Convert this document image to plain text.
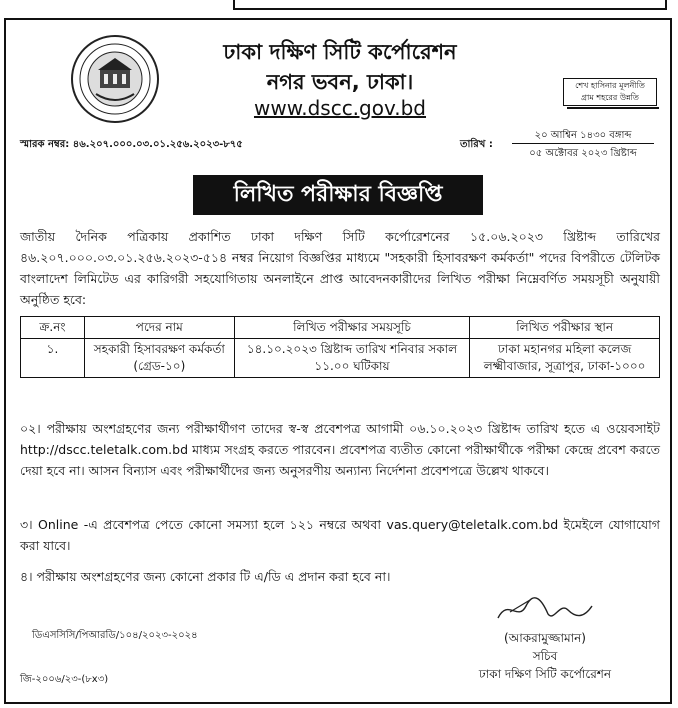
ঢাকা দক্ষিণ সিটি কর্পোরেশন
নগর ভবন, ঢাকা।
www.dscc.gov.bd
শেখ হাসিনার মূলনীতি
গ্রাম শহরের উন্নতি
স্মারক নম্বর: ৪৬.২০৭.০০০.০৩.০১.২৫৬.২০২৩-৮৭৫	তারিখ :
২০ আশ্বিন ১৪৩০ বঙ্গাব্দ
০৫ অক্টোবর ২০২৩ খ্রিষ্টাব্দ
লিখিত পরীক্ষার বিজ্ঞপ্তি
জাতীয় দৈনিক পত্রিকায় প্রকাশিত ঢাকা দক্ষিণ সিটি কর্পোরেশনের ১৫.০৬.২০২৩ খ্রিষ্টাব্দ তারিখের ৪৬.২০৭.০০০.০৩.০১.২৫৬.২০২৩-৫১৪ নম্বর নিয়োগ বিজ্ঞপ্তির মাধ্যমে "সহকারী হিসাবরক্ষণ কর্মকর্তা" পদের বিপরীতে টেলিটক বাংলাদেশ লিমিটেড এর কারিগরী সহযোগিতায় অনলাইনে প্রাপ্ত আবেদনকারীদের লিখিত পরীক্ষা নিম্নেবর্ণিত সময়সূচী অনুযায়ী অনুষ্ঠিত হবে:
ক্র.নং	পদের নাম	লিখিত পরীক্ষার সময়সূচি	লিখিত পরীক্ষার স্থান
১.	সহকারী হিসাবরক্ষণ কর্মকর্তা (গ্রেড-১০)	১৪.১০.২০২৩ খ্রিষ্টাব্দ তারিখ শনিবার সকাল ১১.০০ ঘটিকায়	ঢাকা মহানগর মহিলা কলেজ লক্ষ্মীবাজার, সূত্রাপুর, ঢাকা-১০০০
০২। পরীক্ষায় অংশগ্রহণের জন্য পরীক্ষার্থীগণ তাদের স্ব-স্ব প্রবেশপত্র আগামী ০৬.১০.২০২৩ খ্রিষ্টাব্দ তারিখ হতে এ ওয়েবসাইট http://dscc.teletalk.com.bd মাধ্যম সংগ্রহ করতে পারবেন। প্রবেশপত্র ব্যতীত কোনো পরীক্ষার্থীকে পরীক্ষা কেন্দ্রে প্রবেশ করতে দেয়া হবে না। আসন বিন্যাস এবং পরীক্ষার্থীদের জন্য অনুসরণীয় অন্যান্য নির্দেশনা প্রবেশপত্রে উল্লেখ থাকবে।
৩। Online -এ প্রবেশপত্র পেতে কোনো সমস্যা হলে ১২১ নম্বরে অথবা vas.query@teletalk.com.bd ইমেইলে যোগাযোগ করা যাবে।
৪। পরীক্ষায় অংশগ্রহণের জন্য কোনো প্রকার টি এ/ডি এ প্রদান করা হবে না।
ডিএসসিসি/পিআরডি/১০৪/২০২৩-২০২৪
জি-২০০৬/২৩-(৮x৩)
(আকরামুজ্জামান)
সচিব
ঢাকা দক্ষিণ সিটি কর্পোরেশন
